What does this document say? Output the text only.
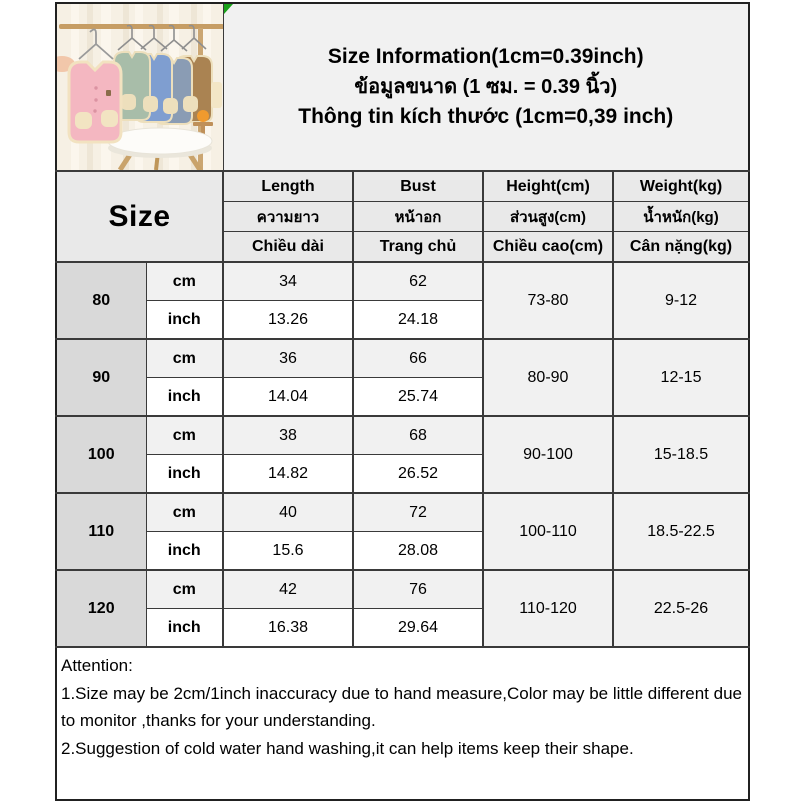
Size Information(1cm=0.39inch)
ข้อมูลขนาด (1 ซม. = 0.39 นิ้ว)
Thông tin kích thước (1cm=0,39 inch)			

Size		Length	Bust	Height(cm)	Weight(kg)
		ความยาว	หน้าอก	ส่วนสูง(cm)	น้ำหนัก(kg)
		Chiều dài	Trang chủ	Chiều cao(cm)	Cân nặng(kg)
80	cm	34	62	73-80	9-12
	inch	13.26	24.18		
90	cm	36	66	80-90	12-15
	inch	14.04	25.74		
100	cm	38	68	90-100	15-18.5
	inch	14.82	26.52		
110	cm	40	72	100-110	18.5-22.5
	inch	15.6	28.08		
120	cm	42	76	110-120	22.5-26
	inch	16.38	29.64		

Attention:
1.Size may be 2cm/1inch inaccuracy due to hand measure,Color may be little different due to monitor ,thanks for your understanding.
2.Suggestion of cold water hand washing,it can help items keep their shape.					
